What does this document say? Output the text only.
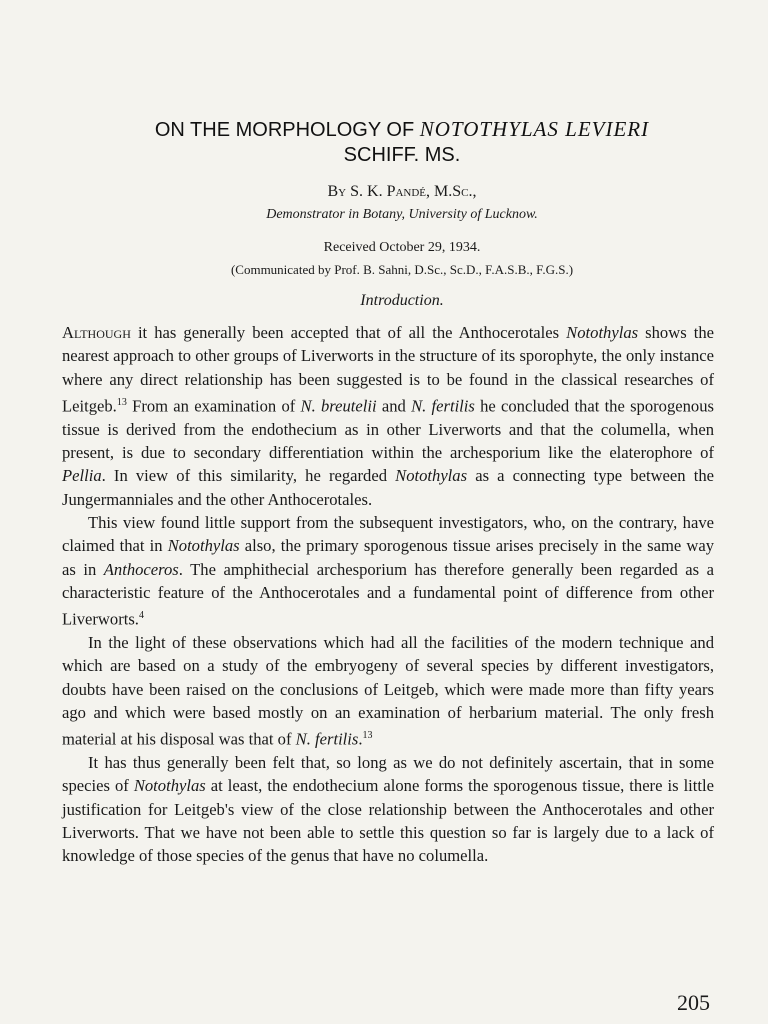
ON THE MORPHOLOGY OF NOTOTHYLAS LEVIERI
SCHIFF. MS.
By S. K. Pandé, M.Sc.,
Demonstrator in Botany, University of Lucknow.
Received October 29, 1934.
(Communicated by Prof. B. Sahni, D.Sc., Sc.D., F.A.S.B., F.G.S.)
Introduction.

Although it has generally been accepted that of all the Anthocerotales Notothylas shows the nearest approach to other groups of Liverworts in the structure of its sporophyte, the only instance where any direct relationship has been suggested is to be found in the classical researches of Leitgeb.$^{13}$ From an examination of N. breutelii and N. fertilis he concluded that the sporogenous tissue is derived from the endothecium as in other Liverworts and that the columella, when present, is due to secondary differentiation within the archesporium like the elaterophore of Pellia. In view of this similarity, he regarded Notothylas as a connecting type between the Jungermanniales and the other Anthocerotales.

This view found little support from the subsequent investigators, who, on the contrary, have claimed that in Notothylas also, the primary sporogenous tissue arises precisely in the same way as in Anthoceros. The amphithecial archesporium has therefore generally been regarded as a characteristic feature of the Anthocerotales and a fundamental point of difference from other Liverworts.$^4$

In the light of these observations which had all the facilities of the modern technique and which are based on a study of the embryogeny of several species by different investigators, doubts have been raised on the conclusions of Leitgeb, which were made more than fifty years ago and which were based mostly on an examination of herbarium material. The only fresh material at his disposal was that of N. fertilis.$^{13}$

It has thus generally been felt that, so long as we do not definitely ascertain, that in some species of Notothylas at least, the endothecium alone forms the sporogenous tissue, there is little justification for Leitgeb's view of the close relationship between the Anthocerotales and other Liverworts. That we have not been able to settle this question so far is largely due to a lack of knowledge of those species of the genus that have no columella.

205
